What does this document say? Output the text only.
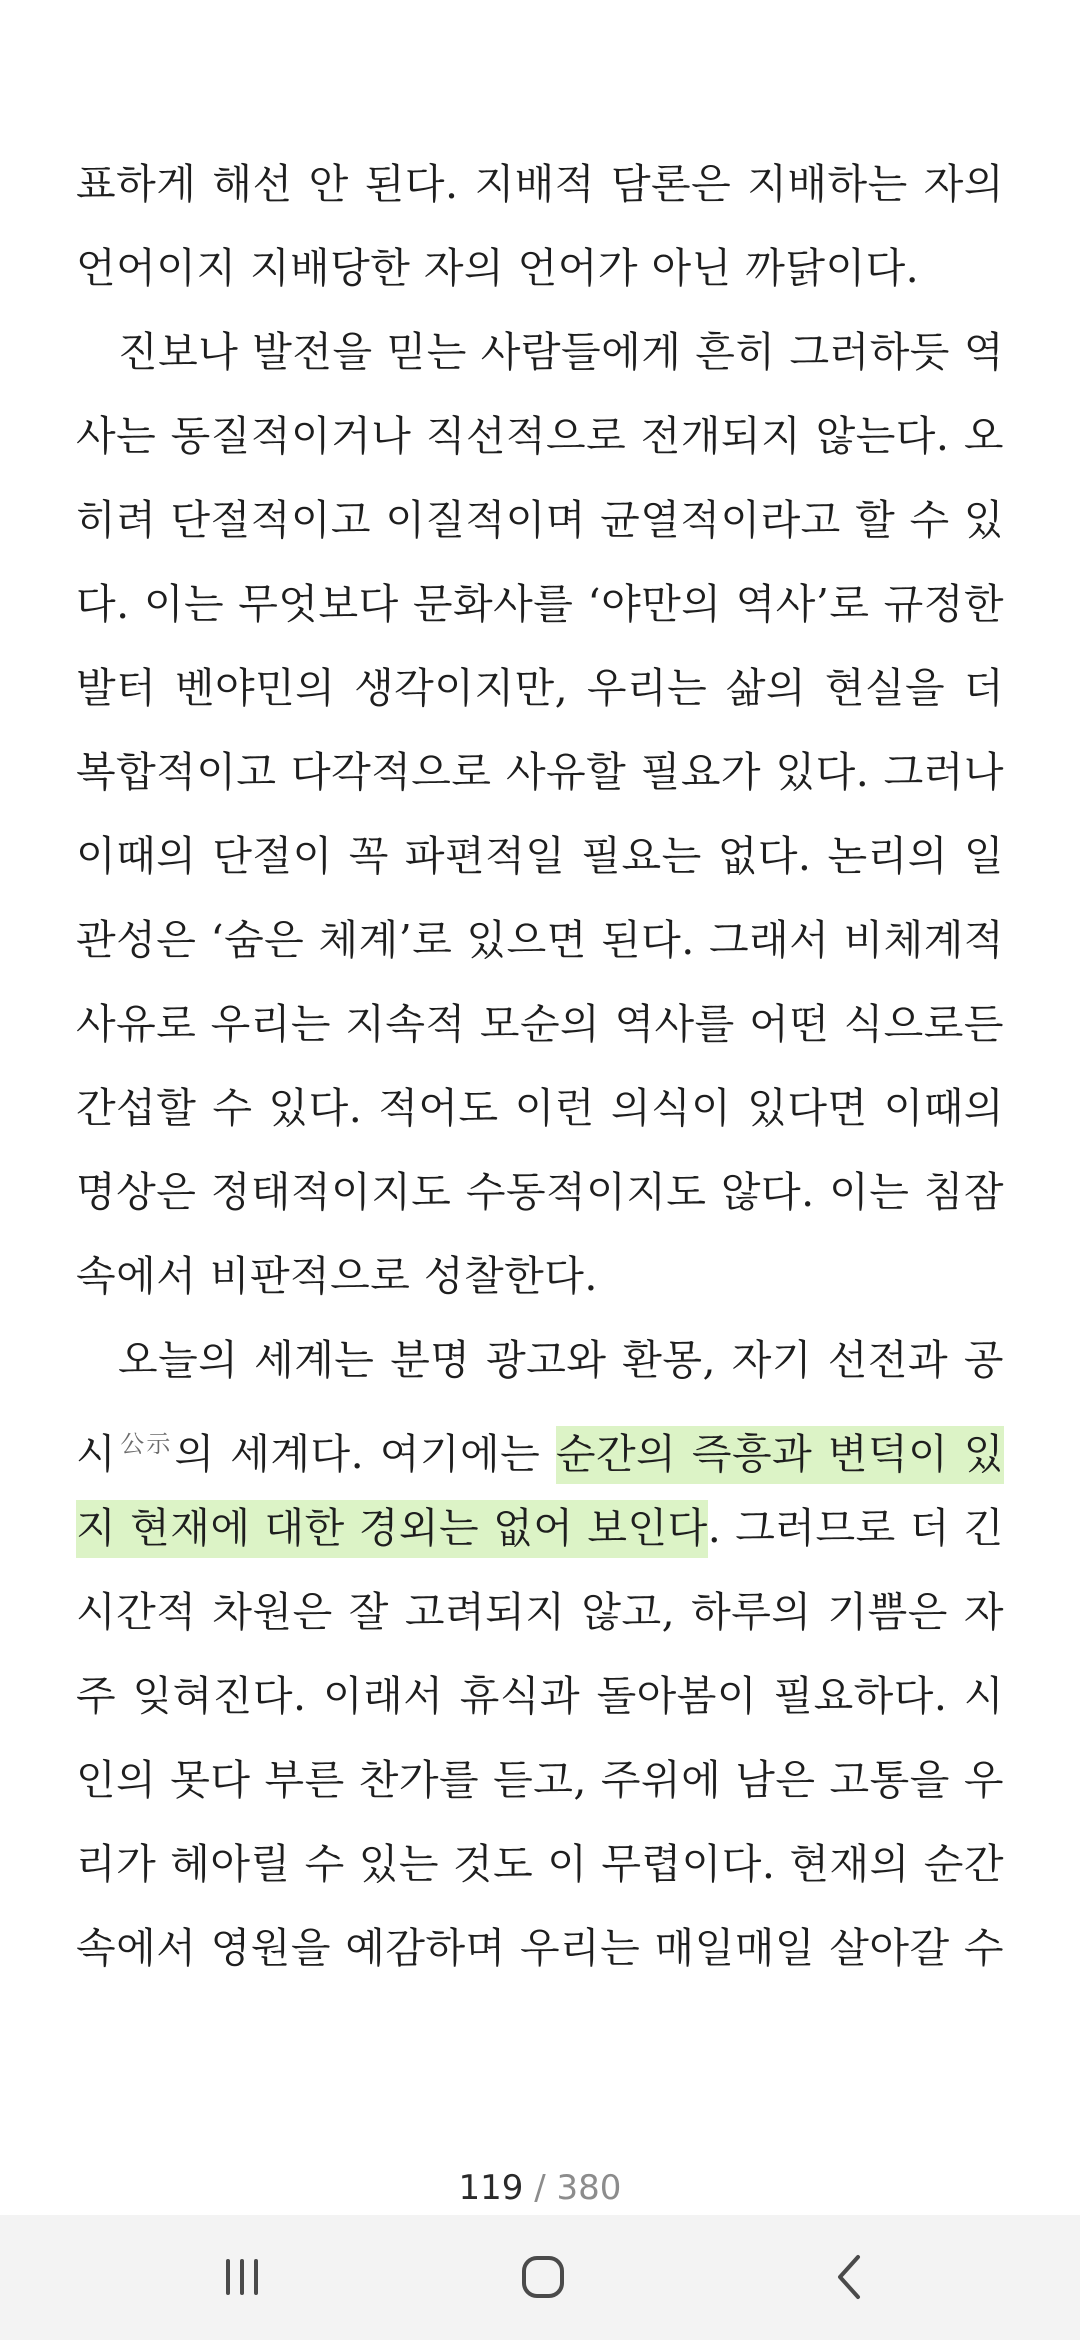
표하게 해선 안 된다. 지배적 담론은 지배하는 자의
언어이지 지배당한 자의 언어가 아닌 까닭이다.
진보나 발전을 믿는 사람들에게 흔히 그러하듯 역
사는 동질적이거나 직선적으로 전개되지 않는다. 오
히려 단절적이고 이질적이며 균열적이라고 할 수 있
다. 이는 무엇보다 문화사를 ‘야만의 역사’로 규정한
발터 벤야민의 생각이지만, 우리는 삶의 현실을 더
복합적이고 다각적으로 사유할 필요가 있다. 그러나
이때의 단절이 꼭 파편적일 필요는 없다. 논리의 일
관성은 ‘숨은 체계’로 있으면 된다. 그래서 비체계적
사유로 우리는 지속적 모순의 역사를 어떤 식으로든
간섭할 수 있다. 적어도 이런 의식이 있다면 이때의
명상은 정태적이지도 수동적이지도 않다. 이는 침잠
속에서 비판적으로 성찰한다.
오늘의 세계는 분명 광고와 환몽, 자기 선전과 공
시$^{公示}$의 세계다. 여기에는 순간의 즉흥과 변덕이 있
지 현재에 대한 경외는 없어 보인다. 그러므로 더 긴
시간적 차원은 잘 고려되지 않고, 하루의 기쁨은 자
주 잊혀진다. 이래서 휴식과 돌아봄이 필요하다. 시
인의 못다 부른 찬가를 듣고, 주위에 남은 고통을 우
리가 헤아릴 수 있는 것도 이 무렵이다. 현재의 순간
속에서 영원을 예감하며 우리는 매일매일 살아갈 수
119 / 380
